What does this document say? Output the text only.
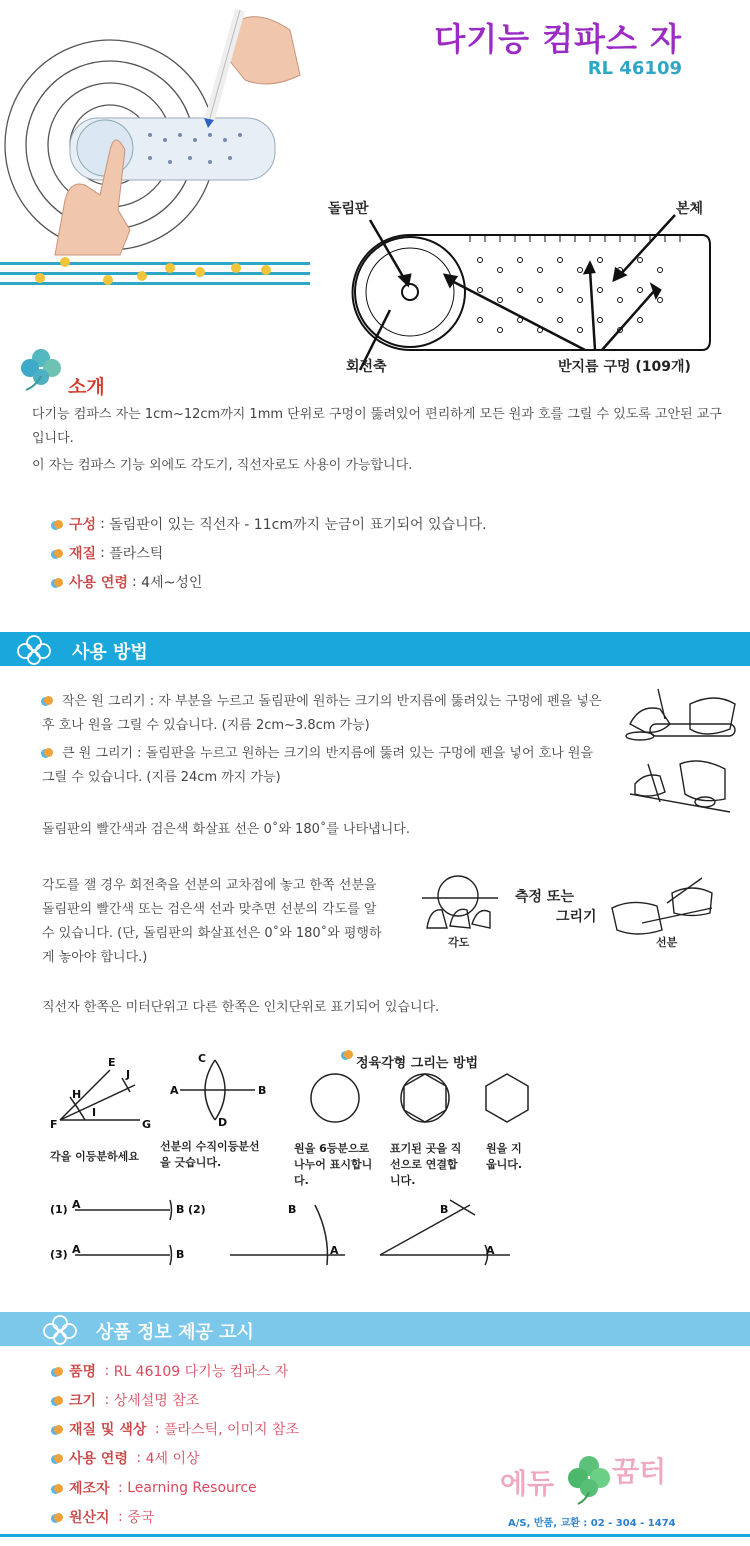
다기능 컴파스 자
RL 46109
돌림판	본체
회전축	반지름 구멍 (109개)
소개
다기능 컴파스 자는 1cm~12cm까지 1mm 단위로 구멍이 뚫려있어 편리하게 모든 원과 호를 그릴 수 있도록 고안된 교구입니다.
이 자는 컴파스 기능 외에도 각도기, 직선자로도 사용이 가능합니다.
구성 : 돌림판이 있는 직선자 - 11cm까지 눈금이 표기되어 있습니다.
재질 : 플라스틱
사용 연령 : 4세~성인
사용 방법
작은 원 그리기 : 자 부분을 누르고 돌림판에 원하는 크기의 반지름에 뚫려있는 구멍에 펜을 넣은 후 호나 원을 그릴 수 있습니다. (지름 2cm~3.8cm 가능)
큰 원 그리기 : 돌림판을 누르고 원하는 크기의 반지름에 뚫려 있는 구멍에 펜을 넣어 호나 원을 그릴 수 있습니다. (지름 24cm 까지 가능)
돌림판의 빨간색과 검은색 화살표 선은 0˚와 180˚를 나타냅니다.
각도를 잴 경우 회전축을 선분의 교차점에 놓고 한쪽 선분을 돌림판의 빨간색 또는 검은색 선과 맞추면 선분의 각도를 알 수 있습니다. (단, 돌림판의 화살표선은 0˚와 180˚와 평행하게 놓아야 합니다.)
측정 또는
그리기
각도	선분
직선자 한쪽은 미터단위고 다른 한쪽은 인치단위로 표기되어 있습니다.
E
H
J
I
F	G
C
A	B
D
(1) A	B (2)
(3) A	B
B
A
B
A
정육각형 그리는 방법
각을 이등분하세요
선분의 수직이등분선을 긋습니다.
원을 6등분으로 나누어 표시합니다.
표기된 곳을 직선으로 연결합니다.
원을 지웁니다.
상품 정보 제공 고시
품명 : RL 46109 다기능 컴파스 자
크기 : 상세설명 참조
재질 및 색상 : 플라스틱, 이미지 참조
사용 연령 : 4세 이상
제조자 : Learning Resource
원산지 : 중국
에듀 꿈터
A/S, 반품, 교환 : 02 - 304 - 1474
